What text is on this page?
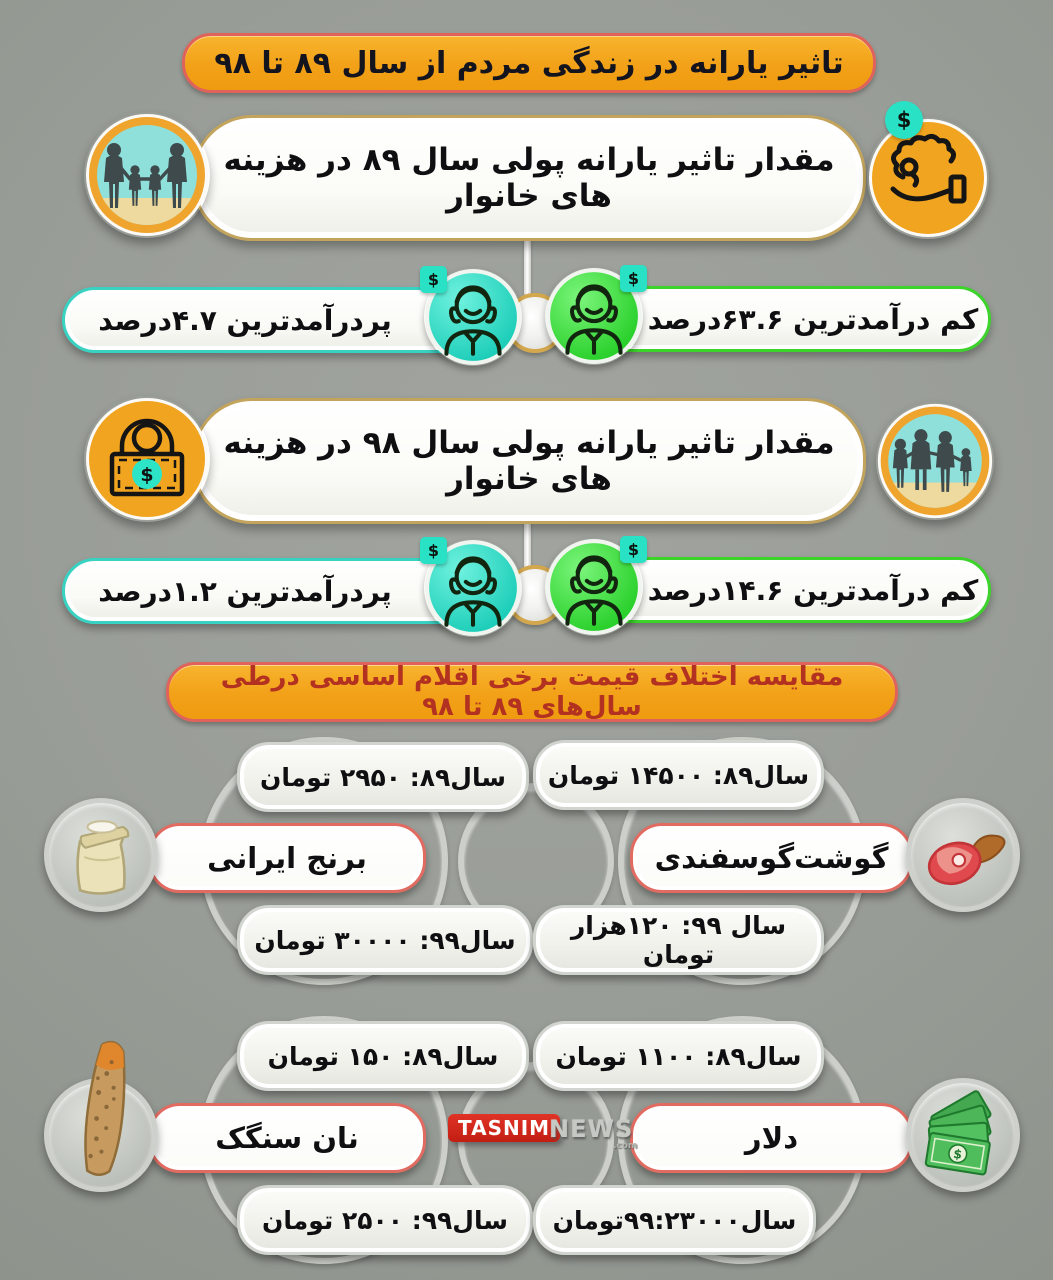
تاثیر یارانه در زندگی مردم از سال ۸۹ تا ۹۸
مقدار تاثیر یارانه پولی سال ۸۹ در هزینه های خانوار
$
پردرآمدترین ۴.۷درصد	کم درآمدترین ۶۳.۶درصد
$	$
مقدار تاثیر یارانه پولی سال ۹۸ در هزینه های خانوار
$
پردرآمدترین ۱.۲درصد	کم درآمدترین ۱۴.۶درصد
$	$
مقایسه اختلاف قیمت برخی اقلام اساسی درطی سال‌های ۸۹ تا ۹۸
سال۸۹: ۲۹۵۰ تومان
برنج ایرانی
سال۹۹: ۳۰۰۰۰ تومان
سال۸۹: ۱۴۵۰۰ تومان
گوشت‌گوسفندی
سال ۹۹: ۱۲۰هزار تومان
سال۸۹: ۱۵۰ تومان
نان سنگک
سال۹۹: ۲۵۰۰ تومان
سال۸۹: ۱۱۰۰ تومان
دلار
سال۹۹:۲۳۰۰۰تومان
$
TASNIM
NEWS
.com
